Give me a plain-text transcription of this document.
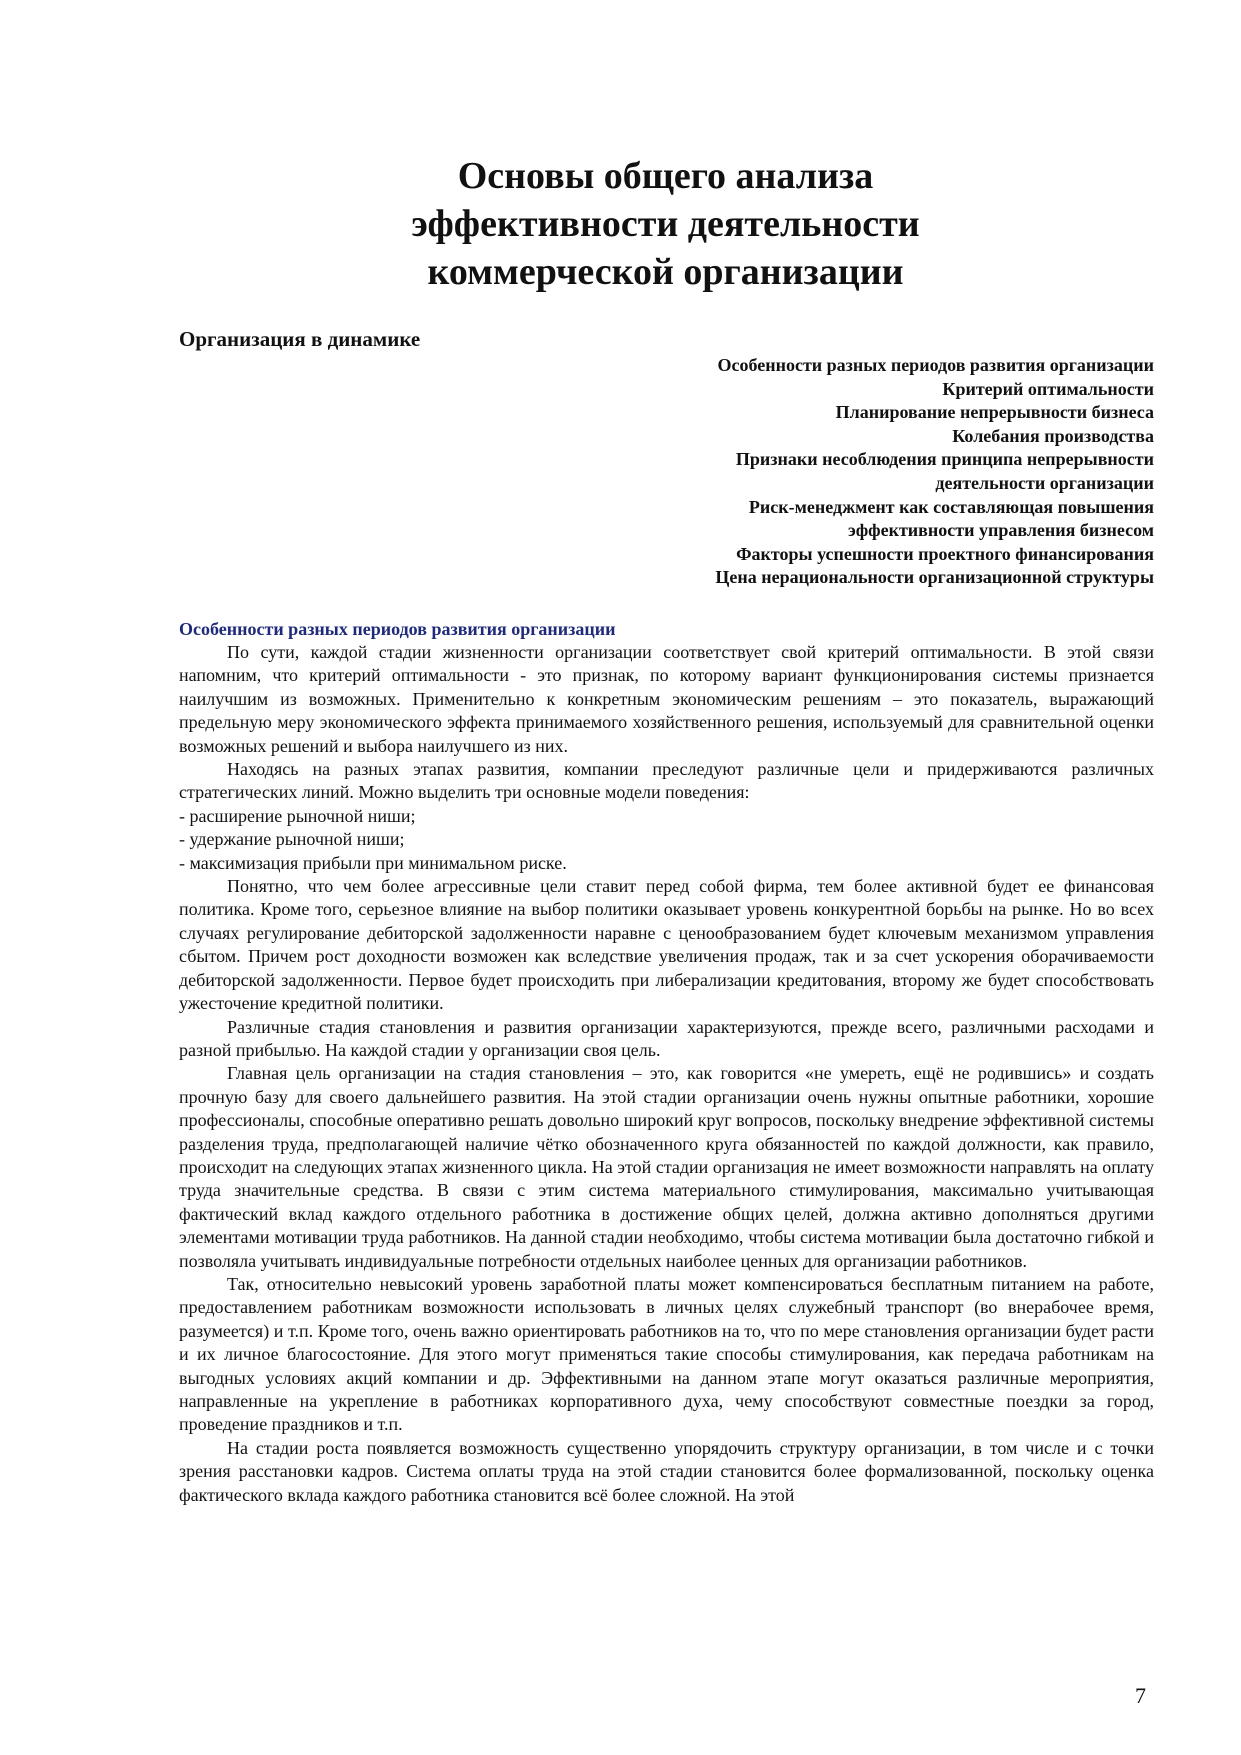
Основы общего анализа
эффективности деятельности
коммерческой организации
Организация в динамике
Особенности разных периодов развития организации
Критерий оптимальности
Планирование непрерывности бизнеса
Колебания производства
Признаки несоблюдения принципа непрерывности
деятельности организации
Риск-менеджмент как составляющая повышения
эффективности управления бизнесом
Факторы успешности проектного финансирования
Цена нерациональности организационной структуры
Особенности разных периодов развития организации

По сути, каждой стадии жизненности организации соответствует свой критерий оптимальности. В этой связи напомним, что критерий оптимальности - это признак, по которому вариант функционирования системы признается наилучшим из возможных. Применительно к конкретным экономическим решениям – это показатель, выражающий предельную меру экономического эффекта принимаемого хозяйственного решения, используемый для сравнительной оценки возможных решений и выбора наилучшего из них.

Находясь на разных этапах развития, компании преследуют различные цели и придерживаются различных стратегических линий. Можно выделить три основные модели поведения:

- расширение рыночной ниши;
- удержание рыночной ниши;
- максимизация прибыли при минимальном риске.

Понятно, что чем более агрессивные цели ставит перед собой фирма, тем более активной будет ее финансовая политика. Кроме того, серьезное влияние на выбор политики оказывает уровень конкурентной борьбы на рынке. Но во всех случаях регулирование дебиторской задолженности наравне с ценообразованием будет ключевым механизмом управления сбытом. Причем рост доходности возможен как вследствие увеличения продаж, так и за счет ускорения оборачиваемости дебиторской задолженности. Первое будет происходить при либерализации кредитования, второму же будет способствовать ужесточение кредитной политики.

Различные стадия становления и развития организации характеризуются, прежде всего, различными расходами и разной прибылью. На каждой стадии у организации своя цель.

Главная цель организации на стадия становления – это, как говорится «не умереть, ещё не родившись» и создать прочную базу для своего дальнейшего развития. На этой стадии организации очень нужны опытные работники, хорошие профессионалы, способные оперативно решать довольно широкий круг вопросов, поскольку внедрение эффективной системы разделения труда, предполагающей наличие чётко обозначенного круга обязанностей по каждой должности, как правило, происходит на следующих этапах жизненного цикла. На этой стадии организация не имеет возможности направлять на оплату труда значительные средства. В связи с этим система материального стимулирования, максимально учитывающая фактический вклад каждого отдельного работника в достижение общих целей, должна активно дополняться другими элементами мотивации труда работников. На данной стадии необходимо, чтобы система мотивации была достаточно гибкой и позволяла учитывать индивидуальные потребности отдельных наиболее ценных для организации работников.

Так, относительно невысокий уровень заработной платы может компенсироваться бесплатным питанием на работе, предоставлением работникам возможности использовать в личных целях служебный транспорт (во внерабочее время, разумеется) и т.п. Кроме того, очень важно ориентировать работников на то, что по мере становления организации будет расти и их личное благосостояние. Для этого могут применяться такие способы стимулирования, как передача работникам на выгодных условиях акций компании и др. Эффективными на данном этапе могут оказаться различные мероприятия, направленные на укрепление в работниках корпоративного духа, чему способствуют совместные поездки за город, проведение праздников и т.п.

На стадии роста появляется возможность существенно упорядочить структуру организации, в том числе и с точки зрения расстановки кадров. Система оплаты труда на этой стадии становится более формализованной, поскольку оценка фактического вклада каждого работника становится всё более сложной. На этой

7
